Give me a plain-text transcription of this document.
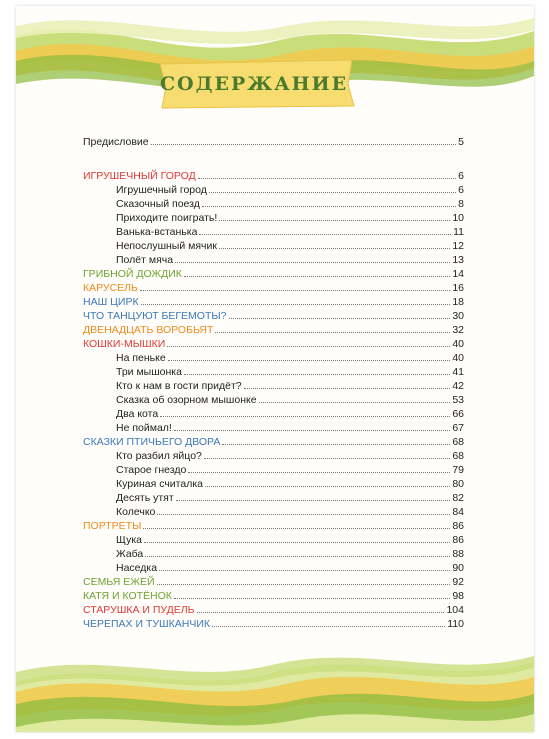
СОДЕРЖАНИЕ
Предисловие	5
ИГРУШЕЧНЫЙ ГОРОД	6
Игрушечный город	6
Сказочный поезд	8
Приходите поиграть!	10
Ванька-встанька	11
Непослушный мячик	12
Полёт мяча	13
ГРИБНОЙ ДОЖДИК	14
КАРУСЕЛЬ	16
НАШ ЦИРК	18
ЧТО ТАНЦУЮТ БЕГЕМОТЫ?	30
ДВЕНАДЦАТЬ ВОРОБЬЯТ	32
КОШКИ-МЫШКИ	40
На пеньке	40
Три мышонка	41
Кто к нам в гости придёт?	42
Сказка об озорном мышонке	53
Два кота	66
Не поймал!	67
СКАЗКИ ПТИЧЬЕГО ДВОРА	68
Кто разбил яйцо?	68
Старое гнездо	79
Куриная считалка	80
Десять утят	82
Колечко	84
ПОРТРЕТЫ	86
Щука	86
Жаба	88
Наседка	90
СЕМЬЯ ЕЖЕЙ	92
КАТЯ И КОТЁНОК	98
СТАРУШКА И ПУДЕЛЬ	104
ЧЕРЕПАХ И ТУШКАНЧИК	110
